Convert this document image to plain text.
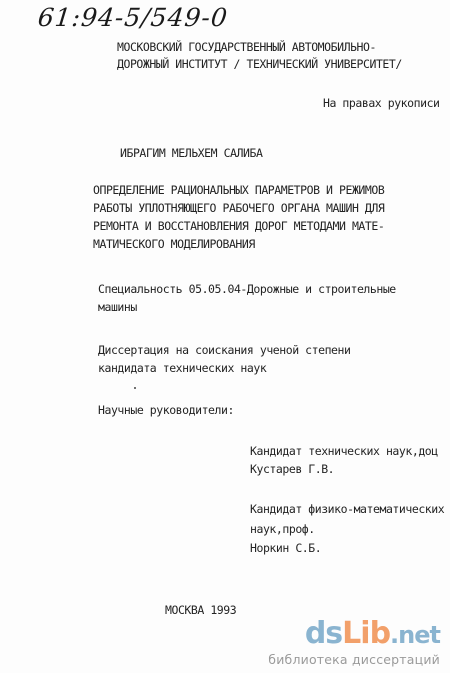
61:94-5/549-0
МОСКОВСКИЙ ГОСУДАРСТВЕННЫЙ АВТОМОБИЛЬНО-
ДОРОЖНЫЙ ИНСТИТУТ / ТЕХНИЧЕСКИЙ УНИВЕРСИТЕТ/
На правах рукописи
ИБРАГИМ МЕЛЬХЕМ САЛИБА
ОПРЕДЕЛЕНИЕ РАЦИОНАЛЬНЫХ ПАРАМЕТРОВ И РЕЖИМОВ
РАБОТЫ УПЛОТНЯЮЩЕГО РАБОЧЕГО ОРГАНА МАШИН ДЛЯ
РЕМОНТА И ВОССТАНОВЛЕНИЯ ДОРОГ МЕТОДАМИ МАТЕ-
МАТИЧЕСКОГО МОДЕЛИРОВАНИЯ
Специальность 05.05.04-Дорожные и строительные
машины
Диссертация на соискания ученой степени
кандидата технических наук
Научные руководители:
Кандидат технических наук,доц
Кустарев Г.В.
Кандидат физико-математических
наук,проф.
Норкин С.Б.
МОСКВА 1993
dsLib.net
библиотека диссертаций
